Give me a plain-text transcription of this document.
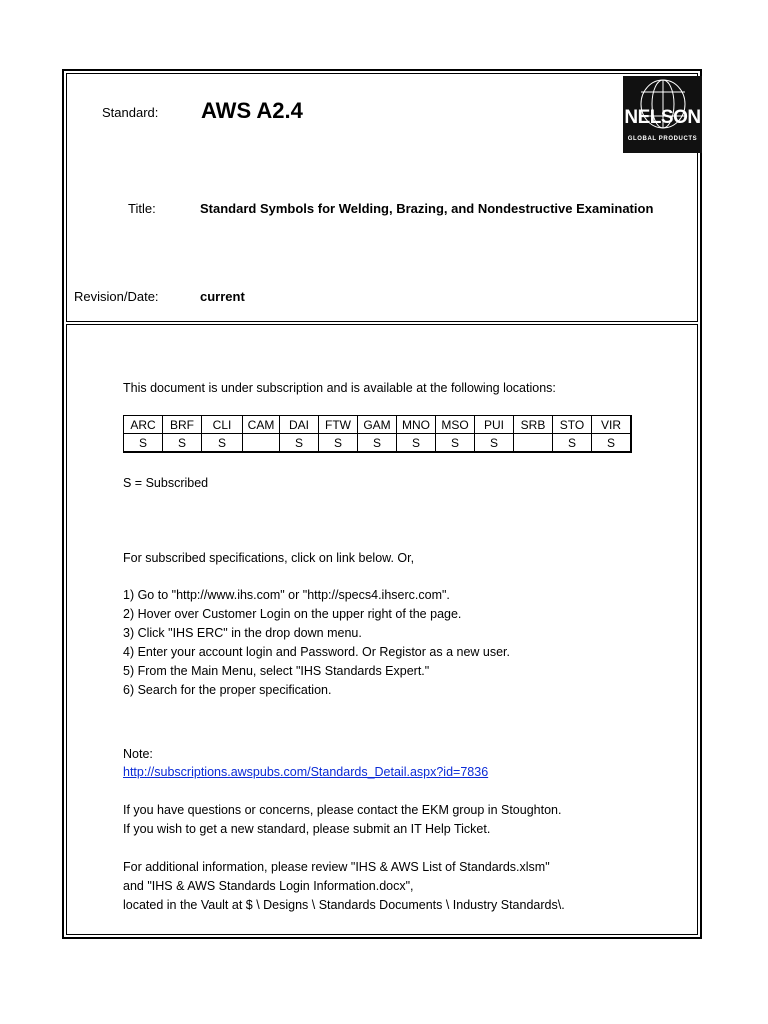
Standard: AWS A2.4
Title:	Standard Symbols for Welding, Brazing, and Nondestructive Examination
Revision/Date:	current
NELSON
GLOBAL PRODUCTS
This document is under subscription and is available at the following locations:
ARC	BRF	CLI	CAM	DAI	FTW	GAM	MNO	MSO	PUI	SRB	STO	VIR
S	S	S		S	S	S	S	S	S		S	S
S = Subscribed
For subscribed specifications, click on link below. Or,
1) Go to "http://www.ihs.com" or "http://specs4.ihserc.com".
2) Hover over Customer Login on the upper right of the page.
3) Click "IHS ERC" in the drop down menu.
4) Enter your account login and Password. Or Registor as a new user.
5) From the Main Menu, select "IHS Standards Expert."
6) Search for the proper specification.
Note:
http://subscriptions.awspubs.com/Standards_Detail.aspx?id=7836
If you have questions or concerns, please contact the EKM group in Stoughton.
If you wish to get a new standard, please submit an IT Help Ticket.
For additional information, please review "IHS & AWS List of Standards.xlsm"
and "IHS & AWS Standards Login Information.docx",
located in the Vault at $ \ Designs \ Standards Documents \ Industry Standards\.
